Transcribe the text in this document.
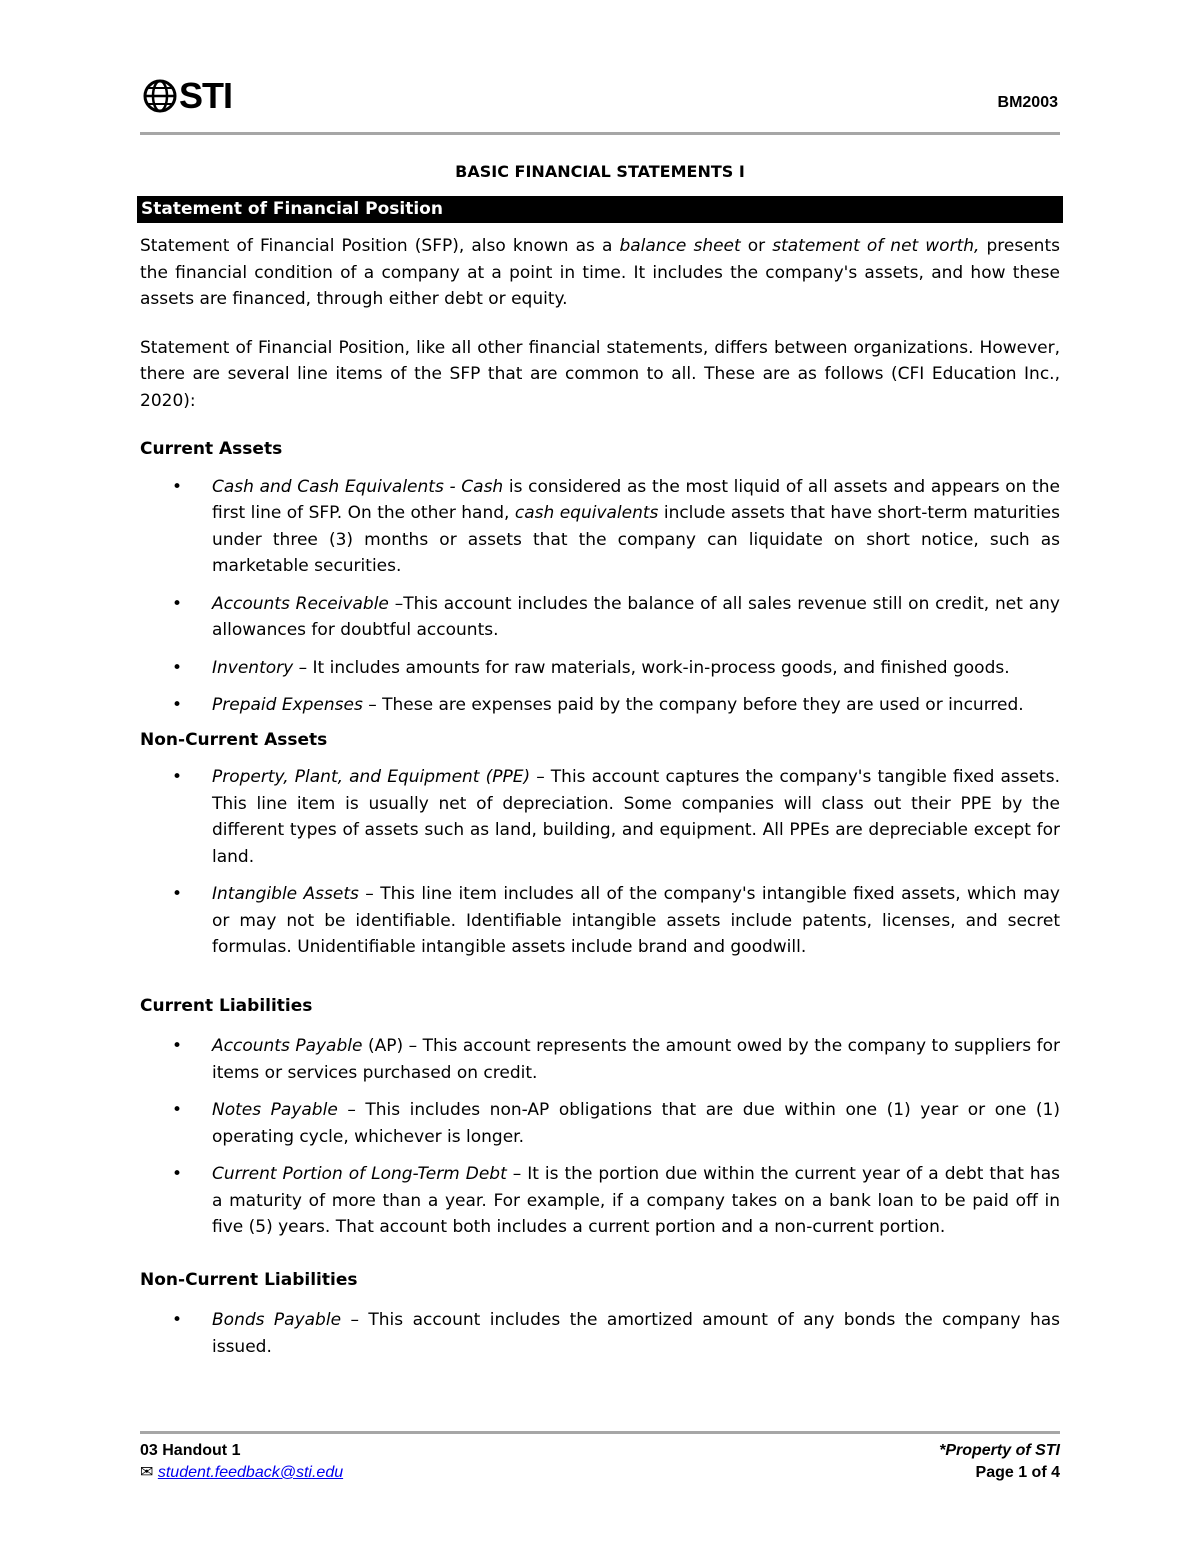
STI	BM2003
BASIC FINANCIAL STATEMENTS I
Statement of Financial Position

Statement of Financial Position (SFP), also known as a balance sheet or statement of net worth, presents the financial condition of a company at a point in time. It includes the company's assets, and how these assets are financed, through either debt or equity.

Statement of Financial Position, like all other financial statements, differs between organizations. However, there are several line items of the SFP that are common to all. These are as follows (CFI Education Inc., 2020):

Current Assets

• Cash and Cash Equivalents - Cash is considered as the most liquid of all assets and appears on the first line of SFP. On the other hand, cash equivalents include assets that have short-term maturities under three (3) months or assets that the company can liquidate on short notice, such as marketable securities.
• Accounts Receivable –This account includes the balance of all sales revenue still on credit, net any allowances for doubtful accounts.
• Inventory – It includes amounts for raw materials, work-in-process goods, and finished goods.
• Prepaid Expenses – These are expenses paid by the company before they are used or incurred.

Non-Current Assets

• Property, Plant, and Equipment (PPE) – This account captures the company's tangible fixed assets. This line item is usually net of depreciation. Some companies will class out their PPE by the different types of assets such as land, building, and equipment. All PPEs are depreciable except for land.
• Intangible Assets – This line item includes all of the company's intangible fixed assets, which may or may not be identifiable. Identifiable intangible assets include patents, licenses, and secret formulas. Unidentifiable intangible assets include brand and goodwill.

Current Liabilities

• Accounts Payable (AP) – This account represents the amount owed by the company to suppliers for items or services purchased on credit.
• Notes Payable – This includes non-AP obligations that are due within one (1) year or one (1) operating cycle, whichever is longer.
• Current Portion of Long-Term Debt – It is the portion due within the current year of a debt that has a maturity of more than a year. For example, if a company takes on a bank loan to be paid off in five (5) years. That account both includes a current portion and a non-current portion.

Non-Current Liabilities

• Bonds Payable – This account includes the amortized amount of any bonds the company has issued.
03 Handout 1
✉ student.feedback@sti.edu
*Property of STI
Page 1 of 4
